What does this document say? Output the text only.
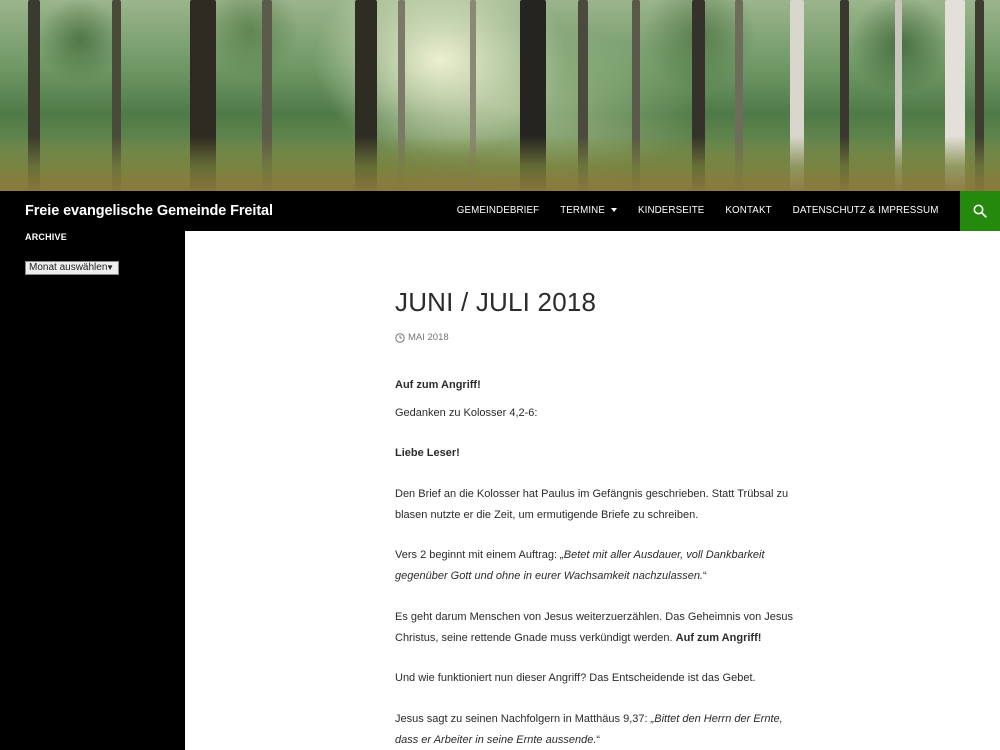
Freie evangelische Gemeinde Freital	GEMEINDEBRIEF	TERMINE	KINDERSEITE	KONTAKT	DATENSCHUTZ & IMPRESSUM
ARCHIVE
Monat auswählen
▼
JUNI / JULI 2018
MAI 2018
Auf zum Angriff!
Gedanken zu Kolosser 4,2-6:
Liebe Leser!
Den Brief an die Kolosser hat Paulus im Gefängnis geschrieben. Statt Trübsal zu
blasen nutzte er die Zeit, um ermutigende Briefe zu schreiben.
Vers 2 beginnt mit einem Auftrag: „Betet mit aller Ausdauer, voll Dankbarkeit
gegenüber Gott und ohne in eurer Wachsamkeit nachzulassen.“
Es geht darum Menschen von Jesus weiterzuerzählen. Das Geheimnis von Jesus
Christus, seine rettende Gnade muss verkündigt werden. Auf zum Angriff!
Und wie funktioniert nun dieser Angriff? Das Entscheidende ist das Gebet.
Jesus sagt zu seinen Nachfolgern in Matthäus 9,37: „Bittet den Herrn der Ernte,
dass er Arbeiter in seine Ernte aussende.“
